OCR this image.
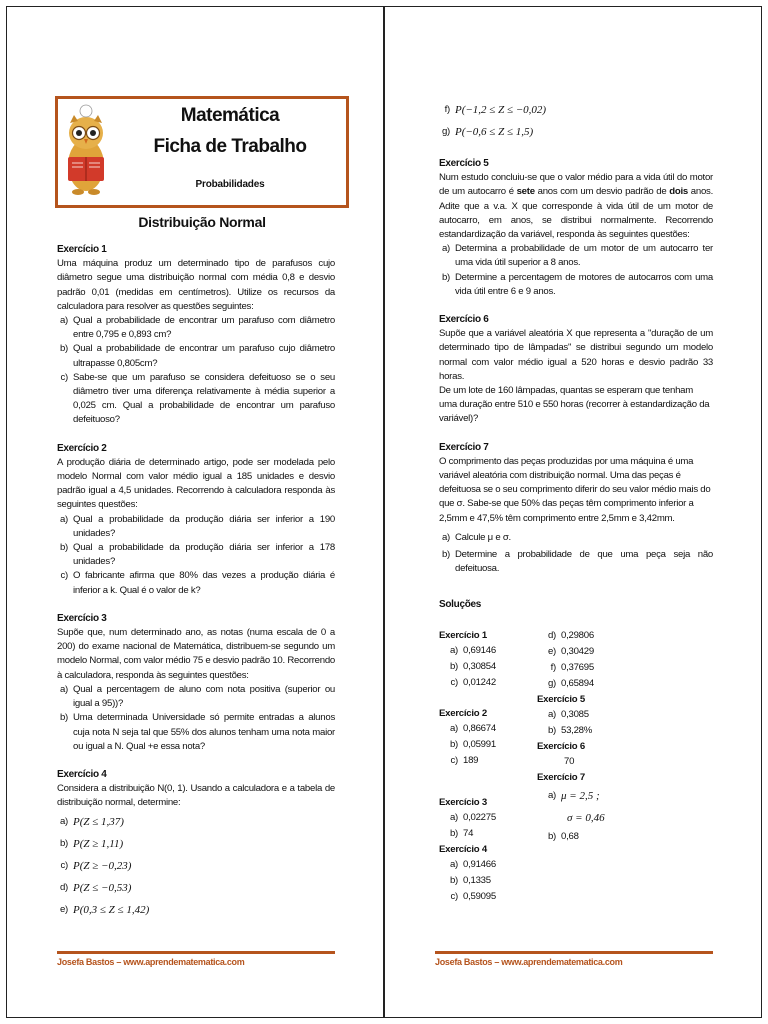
Matemática
Ficha de Trabalho
Probabilidades
Distribuição Normal
Exercício 1

Uma máquina produz um determinado tipo de parafusos cujo diâmetro segue uma distribuição normal com média 0,8 e desvio padrão 0,01 (medidas em centímetros). Utilize os recursos da calculadora para resolver as questões seguintes:

a) Qual a probabilidade de encontrar um parafuso com diâmetro entre 0,795 e 0,893 cm?
b) Qual a probabilidade de encontrar um parafuso cujo diâmetro ultrapasse 0,805cm?
c) Sabe-se que um parafuso se considera defeituoso se o seu diâmetro tiver uma diferença relativamente à média superior a 0,025 cm. Qual a probabilidade de encontrar um parafuso defeituoso?
Exercício 2

A produção diária de determinado artigo, pode ser modelada pelo modelo Normal com valor médio igual a 185 unidades e desvio padrão igual a 4,5 unidades. Recorrendo à calculadora responda às seguintes questões:

a) Qual a probabilidade da produção diária ser inferior a 190 unidades?
b) Qual a probabilidade da produção diária ser inferior a 178 unidades?
c) O fabricante afirma que 80% das vezes a produção diária é inferior a k. Qual é o valor de k?
Exercício 3

Supõe que, num determinado ano, as notas (numa escala de 0 a 200) do exame nacional de Matemática, distribuem-se segundo um modelo Normal, com valor médio 75 e desvio padrão 10. Recorrendo à calculadora, responda às seguintes questões:

a) Qual a percentagem de aluno com nota positiva (superior ou igual a 95))?
b) Uma determinada Universidade só permite entradas a alunos cuja nota N seja tal que 55% dos alunos tenham uma nota maior ou igual a N. Qual +e essa nota?
Exercício 4

Considera a distribuição N(0, 1). Usando a calculadora e a tabela de distribuição normal, determine:

a) P(Z ≤ 1,37)
b) P(Z ≥ 1,11)
c) P(Z ≥ −0,23)
d) P(Z ≤ −0,53)
e) P(0,3 ≤ Z ≤ 1,42)
Josefa Bastos – www.aprendematematica.com
f) P(−1,2 ≤ Z ≤ −0,02)
g) P(−0,6 ≤ Z ≤ 1,5)
Exercício 5

Num estudo concluiu-se que o valor médio para a vida útil do motor de um autocarro é sete anos com um desvio padrão de dois anos. Adite que a v.a. X que corresponde à vida útil de um motor de autocarro, em anos, se distribui normalmente. Recorrendo estandardização da variável, responda às seguintes questões:

a) Determina a probabilidade de um motor de um autocarro ter uma vida útil superior a 8 anos.
b) Determine a percentagem de motores de autocarros com uma vida útil entre 6 e 9 anos.
Exercício 6

Supõe que a variável aleatória X que representa a "duração de um determinado tipo de lâmpadas" se distribui segundo um modelo normal com valor médio igual a 520 horas e desvio padrão 33 horas.

De um lote de 160 lâmpadas, quantas se esperam que tenham uma duração entre 510 e 550 horas (recorrer à estandardização da variável)?

Exercício 7

O comprimento das peças produzidas por uma máquina é uma variável aleatória com distribuição normal. Uma das peças é defeituosa se o seu comprimento diferir do seu valor médio mais do que σ. Sabe-se que 50% das peças têm comprimento inferior a 2,5mm e 47,5% têm comprimento entre 2,5mm e 3,42mm.

a) Calcule μ e σ.
b) Determine a probabilidade de que uma peça seja não defeituosa.
Soluções
Exercício 1
a) 0,69146
b) 0,30854
c) 0,01242
Exercício 2
a) 0,86674
b) 0,05991
c) 189
Exercício 3
a) 0,02275
b) 74
Exercício 4
a) 0,91466
b) 0,1335
c) 0,59095
d) 0,29806
e) 0,30429
f) 0,37695
g) 0,65894
Exercício 5
a) 0,3085
b) 53,28%
Exercício 6
70
Exercício 7
a) μ = 2,5 ;
σ = 0,46
b) 0,68
Josefa Bastos – www.aprendematematica.com
